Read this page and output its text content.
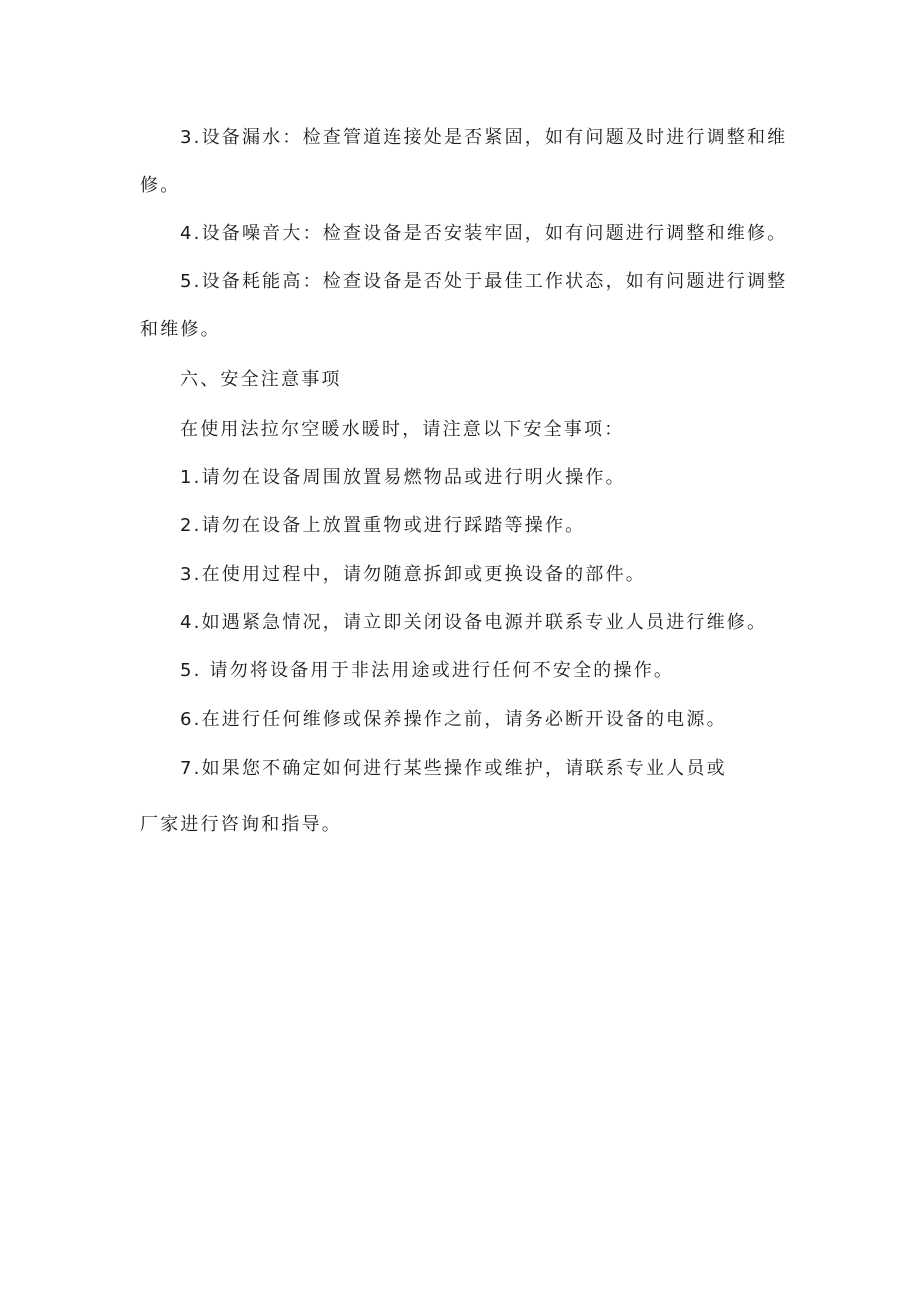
3.设备漏水：检查管道连接处是否紧固，如有问题及时进行调整和维修。

4.设备噪音大：检查设备是否安装牢固，如有问题进行调整和维修。

5.设备耗能高：检查设备是否处于最佳工作状态，如有问题进行调整和维修。

六、安全注意事项

在使用法拉尔空暖水暖时，请注意以下安全事项：

1.请勿在设备周围放置易燃物品或进行明火操作。

2.请勿在设备上放置重物或进行踩踏等操作。

3.在使用过程中，请勿随意拆卸或更换设备的部件。

4.如遇紧急情况，请立即关闭设备电源并联系专业人员进行维修。

5. 请勿将设备用于非法用途或进行任何不安全的操作。

6.在进行任何维修或保养操作之前，请务必断开设备的电源。

7.如果您不确定如何进行某些操作或维护，请联系专业人员或

厂家进行咨询和指导。
